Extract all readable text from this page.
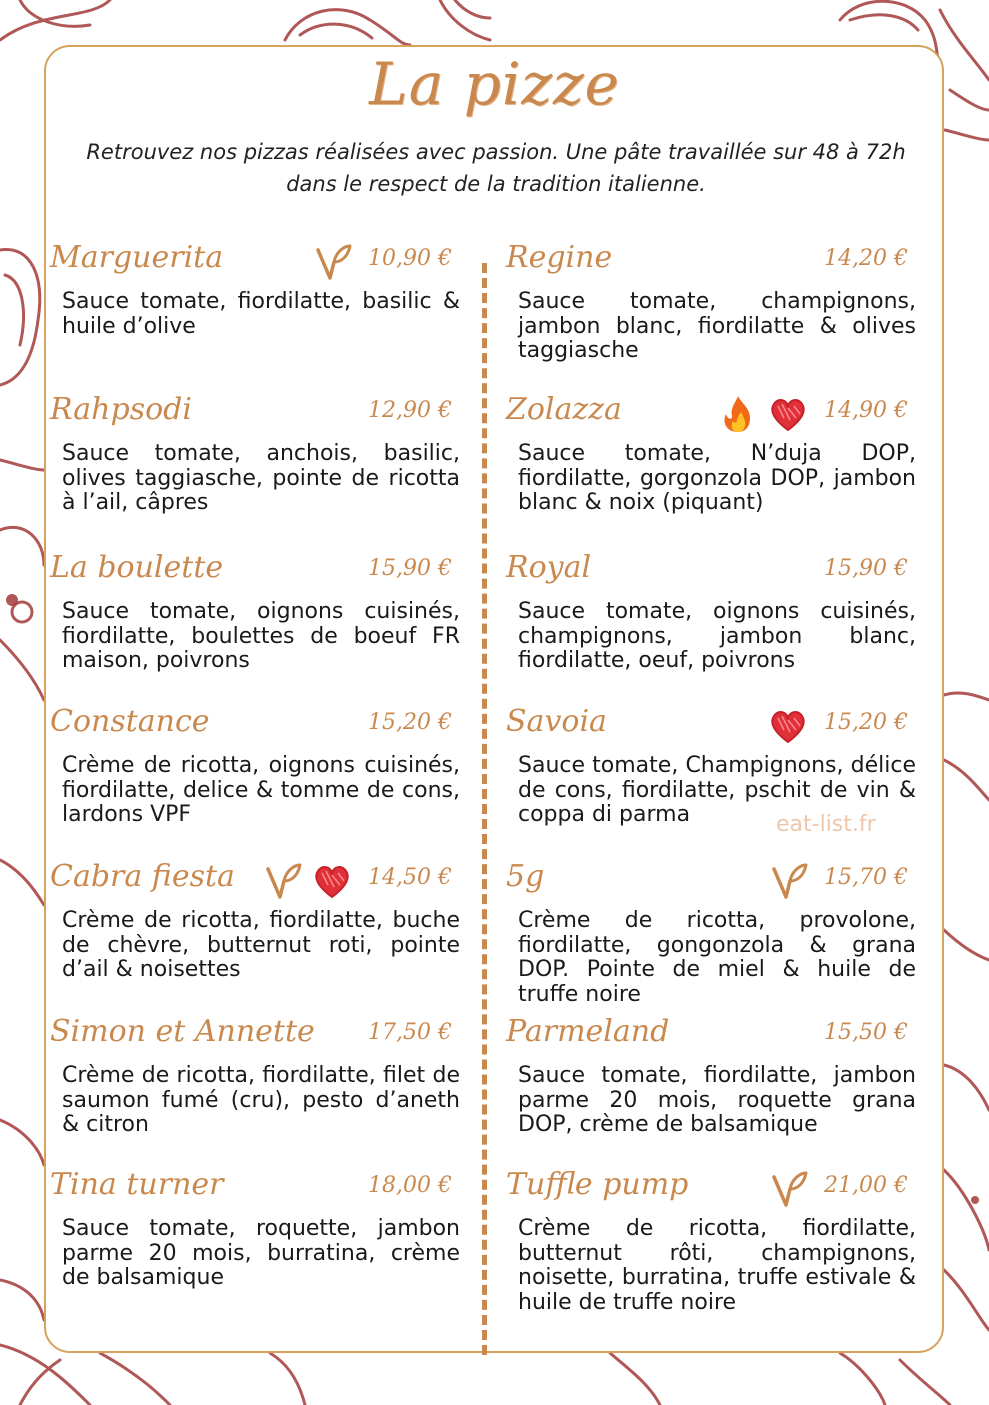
La pizze
Retrouvez nos pizzas réalisées avec passion. Une pâte travaillée sur 48 à 72h dans le respect de la tradition italienne.
Marguerita	10,90 €
Sauce tomate, fiordilatte, basilic & huile d’olive
Rahpsodi	12,90 €
Sauce tomate, anchois, basilic, olives taggiasche, pointe de ricotta à l’ail, câpres
La boulette	15,90 €
Sauce tomate, oignons cuisinés, fiordilatte, boulettes de boeuf FR maison, poivrons
Constance	15,20 €
Crème de ricotta, oignons cuisinés, fiordilatte, delice & tomme de cons, lardons VPF
Cabra fiesta	14,50 €
Crème de ricotta, fiordilatte, buche de chèvre, butternut roti, pointe d’ail & noisettes
Simon et Annette 17,50 €
Crème de ricotta, fiordilatte, filet de saumon fumé (cru), pesto d’aneth & citron
Tina turner	18,00 €
Sauce tomate, roquette, jambon parme 20 mois, burratina, crème de balsamique
Regine	14,20 €
Sauce tomate, champignons, jambon blanc, fiordilatte & olives taggiasche
Zolazza	14,90 €
Sauce tomate, N’duja DOP, fiordilatte, gorgonzola DOP, jambon blanc & noix (piquant)
Royal	15,90 €
Sauce tomate, oignons cuisinés, champignons, jambon blanc, fiordilatte, oeuf, poivrons
Savoia	15,20 €
Sauce tomate, Champignons, délice de cons, fiordilatte, pschit de vin & coppa di parma
5g	15,70 €
Crème de ricotta, provolone, fiordilatte, gongonzola & grana DOP. Pointe de miel & huile de truffe noire
Parmeland	15,50 €
Sauce tomate, fiordilatte, jambon parme 20 mois, roquette grana DOP, crème de balsamique
Tuffle pump	21,00 €
Crème de ricotta, fiordilatte, butternut rôti, champignons, noisette, burratina, truffe estivale & huile de truffe noire
eat-list.fr
